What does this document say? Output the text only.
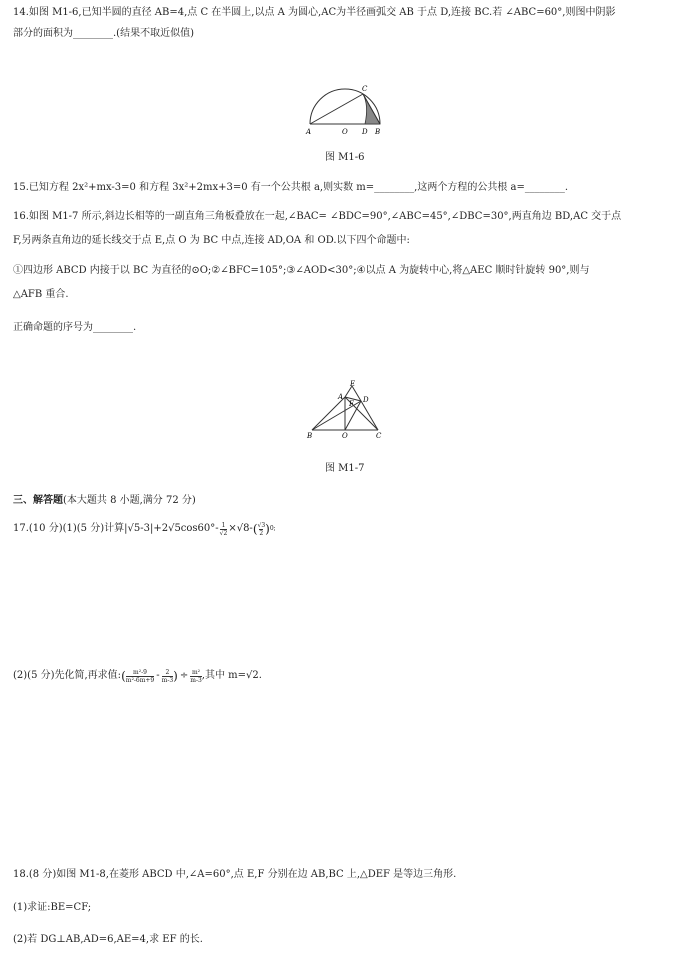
14.如图 M1-6,已知半圆的直径 AB=4,点 C 在半圆上,以点 A 为圆心,AC为半径画弧交 AB 于点 D,连接 BC.若 ∠ABC=60°,则图中阴影
部分的面积为________.(结果不取近似值)
A	O D B
C
图 M1-6
15.已知方程 2x²+mx-3=0 和方程 3x²+2mx+3=0 有一个公共根 a,则实数 m=________,这两个方程的公共根 a=________.
16.如图 M1-7 所示,斜边长相等的一副直角三角板叠放在一起,∠BAC= ∠BDC=90°,∠ABC=45°,∠DBC=30°,两直角边 BD,AC 交于点
F,另两条直角边的延长线交于点 E,点 O 为 BC 中点,连接 AD,OA 和 OD.以下四个命题中:
①四边形 ABCD 内接于以 BC 为直径的⊙O;②∠BFC=105°;③∠AOD<30°;④以点 A 为旋转中心,将△AEC 顺时针旋转 90°,则与
△AFB 重合.
正确命题的序号为________.
E
A
F D
B	O	C
图 M1-7
三、解答题(本大题共 8 小题,满分 72 分)
17.(10 分)(1)(5 分)计算$|√5-3|+2√5\cos 60^\circ- \frac{1}{√2} \times√8-$ ( $\frac{√3}{2}$ ) 0;
(2)(5 分)先化简,再求值: ( $\frac{\text{m²-9}}{\text{m²-6m+9}} - \frac{2}{m-3}$ ) ÷ $\frac{\text{m²}}{m-3}$ ,其中 m=√2.
18.(8 分)如图 M1-8,在菱形 ABCD 中,∠A=60°,点 E,F 分别在边 AB,BC 上,△DEF 是等边三角形.
(1)求证:BE=CF;
(2)若 DG⊥AB,AD=6,AE=4,求 EF 的长.
